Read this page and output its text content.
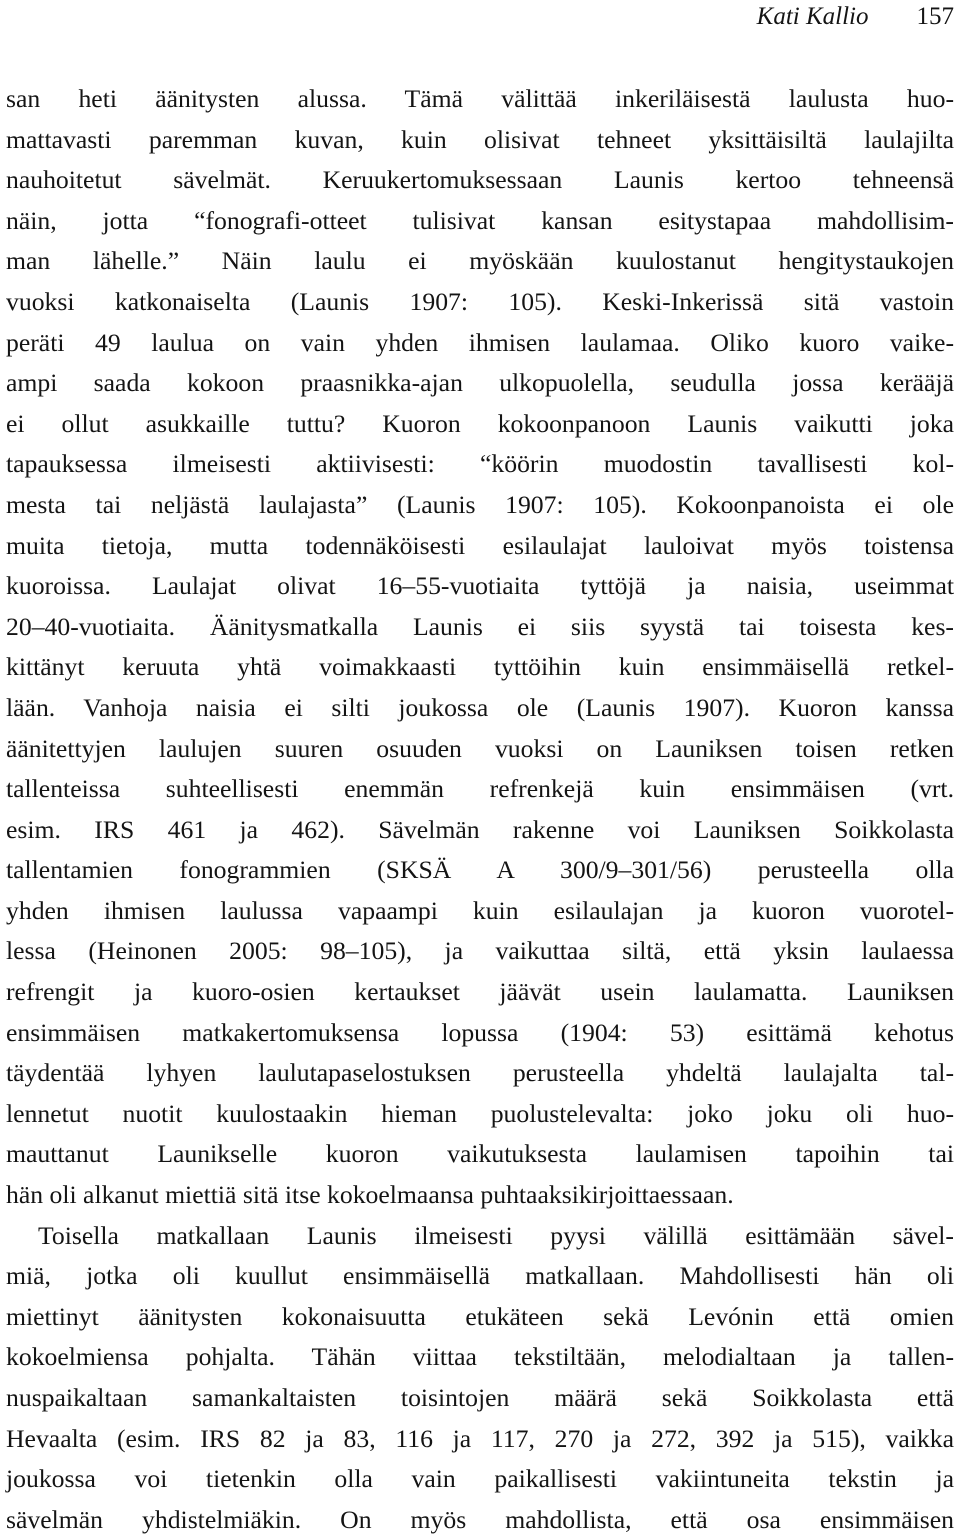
Kati Kallio 157
san heti äänitysten alussa. Tämä välittää inkeriläisestä laulusta huo-
mattavasti paremman kuvan, kuin olisivat tehneet yksittäisiltä laulajilta
nauhoitetut sävelmät. Keruukertomuksessaan Launis kertoo tehneensä
näin, jotta “fonografi-otteet tulisivat kansan esitystapaa mahdollisim-
man lähelle.” Näin laulu ei myöskään kuulostanut hengitystaukojen
vuoksi katkonaiselta (Launis 1907: 105). Keski-Inkerissä sitä vastoin
peräti 49 laulua on vain yhden ihmisen laulamaa. Oliko kuoro vaike-
ampi saada kokoon praasnikka-ajan ulkopuolella, seudulla jossa kerääjä
ei ollut asukkaille tuttu? Kuoron kokoonpanoon Launis vaikutti joka
tapauksessa ilmeisesti aktiivisesti: “köörin muodostin tavallisesti kol-
mesta tai neljästä laulajasta” (Launis 1907: 105). Kokoonpanoista ei ole
muita tietoja, mutta todennäköisesti esilaulajat lauloivat myös toistensa
kuoroissa. Laulajat olivat 16–55-vuotiaita tyttöjä ja naisia, useimmat
20–40-vuotiaita. Äänitysmatkalla Launis ei siis syystä tai toisesta kes-
kittänyt keruuta yhtä voimakkaasti tyttöihin kuin ensimmäisellä retkel-
lään. Vanhoja naisia ei silti joukossa ole (Launis 1907). Kuoron kanssa
äänitettyjen laulujen suuren osuuden vuoksi on Launiksen toisen retken
tallenteissa suhteellisesti enemmän refrenkejä kuin ensimmäisen (vrt.
esim. IRS 461 ja 462). Sävelmän rakenne voi Launiksen Soikkolasta
tallentamien fonogrammien (SKSÄ A 300/9–301/56) perusteella olla
yhden ihmisen laulussa vapaampi kuin esilaulajan ja kuoron vuorotel-
lessa (Heinonen 2005: 98–105), ja vaikuttaa siltä, että yksin laulaessa
refrengit ja kuoro-osien kertaukset jäävät usein laulamatta. Launiksen
ensimmäisen matkakertomuksensa lopussa (1904: 53) esittämä kehotus
täydentää lyhyen laulutapaselostuksen perusteella yhdeltä laulajalta tal-
lennetut nuotit kuulostaakin hieman puolustelevalta: joko joku oli huo-
mauttanut Launikselle kuoron vaikutuksesta laulamisen tapoihin tai
hän oli alkanut miettiä sitä itse kokoelmaansa puhtaaksikirjoittaessaan.
Toisella matkallaan Launis ilmeisesti pyysi välillä esittämään sävel-
miä, jotka oli kuullut ensimmäisellä matkallaan. Mahdollisesti hän oli
miettinyt äänitysten kokonaisuutta etukäteen sekä Levónin että omien
kokoelmiensa pohjalta. Tähän viittaa tekstiltään, melodialtaan ja tallen-
nuspaikaltaan samankaltaisten toisintojen määrä sekä Soikkolasta että
Hevaalta (esim. IRS 82 ja 83, 116 ja 117, 270 ja 272, 392 ja 515), vaikka
joukossa voi tietenkin olla vain paikallisesti vakiintuneita tekstin ja
sävelmän yhdistelmiäkin. On myös mahdollista, että osa ensimmäisen
